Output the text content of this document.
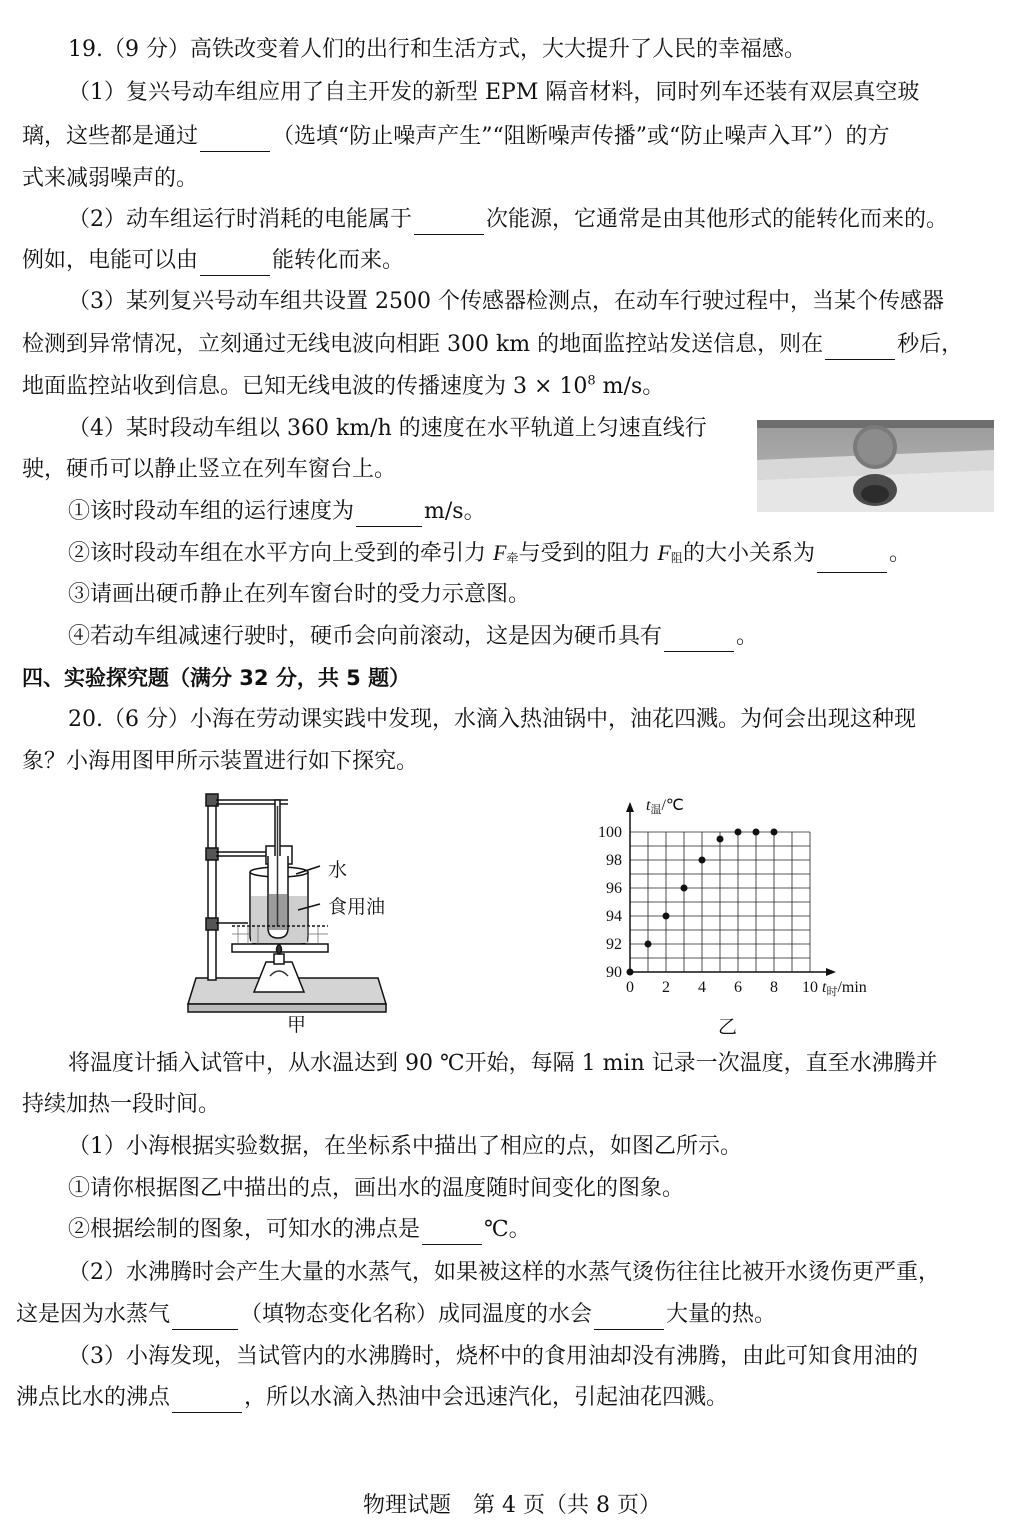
19.（9 分）高铁改变着人们的出行和生活方式，大大提升了人民的幸福感。
（1）复兴号动车组应用了自主开发的新型 EPM 隔音材料，同时列车还装有双层真空玻
璃，这些都是通过	（选填“防止噪声产生”“阻断噪声传播”或“防止噪声入耳”）的方
式来减弱噪声的。
（2）动车组运行时消耗的电能属于	次能源，它通常是由其他形式的能转化而来的。
例如，电能可以由	能转化而来。
（3）某列复兴号动车组共设置 2500 个传感器检测点，在动车行驶过程中，当某个传感器
检测到异常情况，立刻通过无线电波向相距 300 km 的地面监控站发送信息，则在	秒后，
地面监控站收到信息。已知无线电波的传播速度为 $3 \times 10^8$ m/s。
（4）某时段动车组以 360 km/h 的速度在水平轨道上匀速直线行
驶，硬币可以静止竖立在列车窗台上。
①该时段动车组的运行速度为	m/s。
②该时段动车组在水平方向上受到的牵引力 F牵与受到的阻力 F阻的大小关系为	。
③请画出硬币静止在列车窗台时的受力示意图。
④若动车组减速行驶时，硬币会向前滚动，这是因为硬币具有	。
四、实验探究题（满分 32 分，共 5 题）
20.（6 分）小海在劳动课实践中发现，水滴入热油锅中，油花四溅。为何会出现这种现
象？小海用图甲所示装置进行如下探究。
水
食用油
甲
0 2 4 6 8 10
90
92
94
96
98
100
t时/min
t温/℃
乙
将温度计插入试管中，从水温达到 90 ℃开始，每隔 1 min 记录一次温度，直至水沸腾并
持续加热一段时间。
（1）小海根据实验数据，在坐标系中描出了相应的点，如图乙所示。
①请你根据图乙中描出的点，画出水的温度随时间变化的图象。
②根据绘制的图象，可知水的沸点是	℃。
（2）水沸腾时会产生大量的水蒸气，如果被这样的水蒸气烫伤往往比被开水烫伤更严重，
这是因为水蒸气	（填物态变化名称）成同温度的水会	大量的热。
（3）小海发现，当试管内的水沸腾时，烧杯中的食用油却没有沸腾，由此可知食用油的
沸点比水的沸点	，所以水滴入热油中会迅速汽化，引起油花四溅。
物理试题　第 4 页（共 8 页）
